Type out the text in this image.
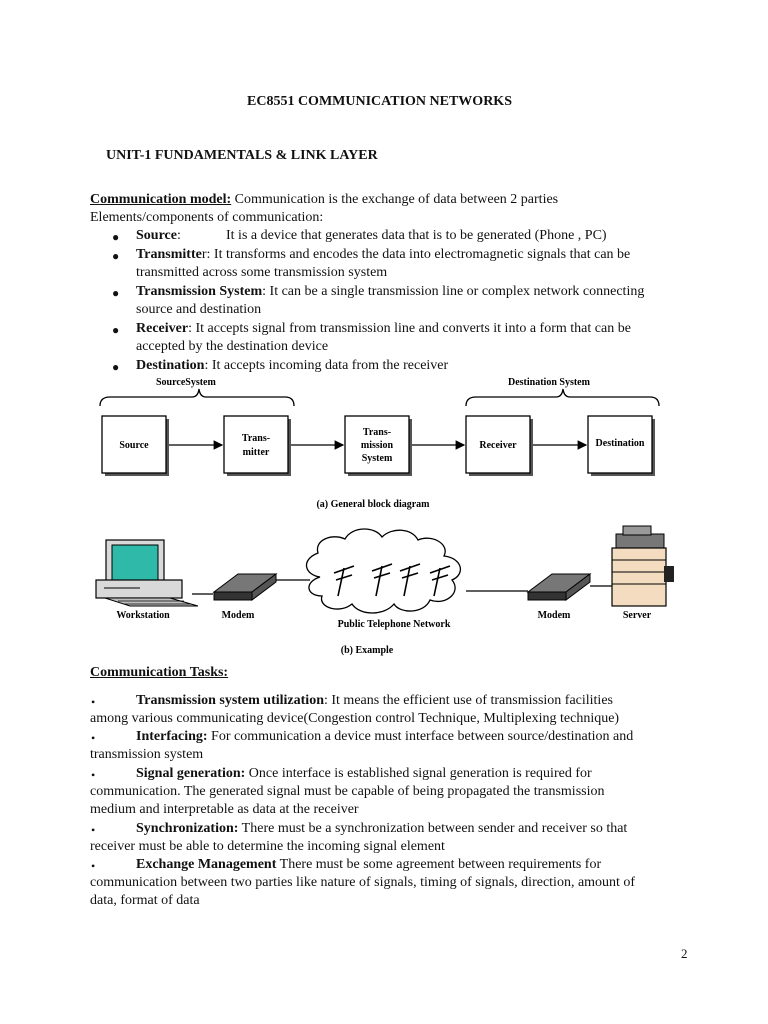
EC8551 COMMUNICATION NETWORKS
UNIT-1 FUNDAMENTALS & LINK LAYER
Communication model: Communication is the exchange of data between 2 parties
Elements/components of communication:
● Source:	It is a device that generates data that is to be generated (Phone , PC)
● Transmitter: It transforms and encodes the data into electromagnetic signals that can be
transmitted across some transmission system
● Transmission System: It can be a single transmission line or complex network connecting
source and destination
● Receiver: It accepts signal from transmission line and converts it into a form that can be
accepted by the destination device
● Destination: It accepts incoming data from the receiver
SourceSystem	Destination System
Source
Trans-
mitter
Trans-
mission
System
Receiver	Destination
(a) General block diagram
Workstation	Modem
Public Telephone Network
Modem	Server
(b) Example
Communication Tasks:
•	Transmission system utilization: It means the efficient use of transmission facilities
among various communicating device(Congestion control Technique, Multiplexing technique)
•	Interfacing: For communication a device must interface between source/destination and
transmission system
•	Signal generation: Once interface is established signal generation is required for
communication. The generated signal must be capable of being propagated the transmission
medium and interpretable as data at the receiver
•	Synchronization: There must be a synchronization between sender and receiver so that
receiver must be able to determine the incoming signal element
•	Exchange Management There must be some agreement between requirements for
communication between two parties like nature of signals, timing of signals, direction, amount of
data, format of data
2
